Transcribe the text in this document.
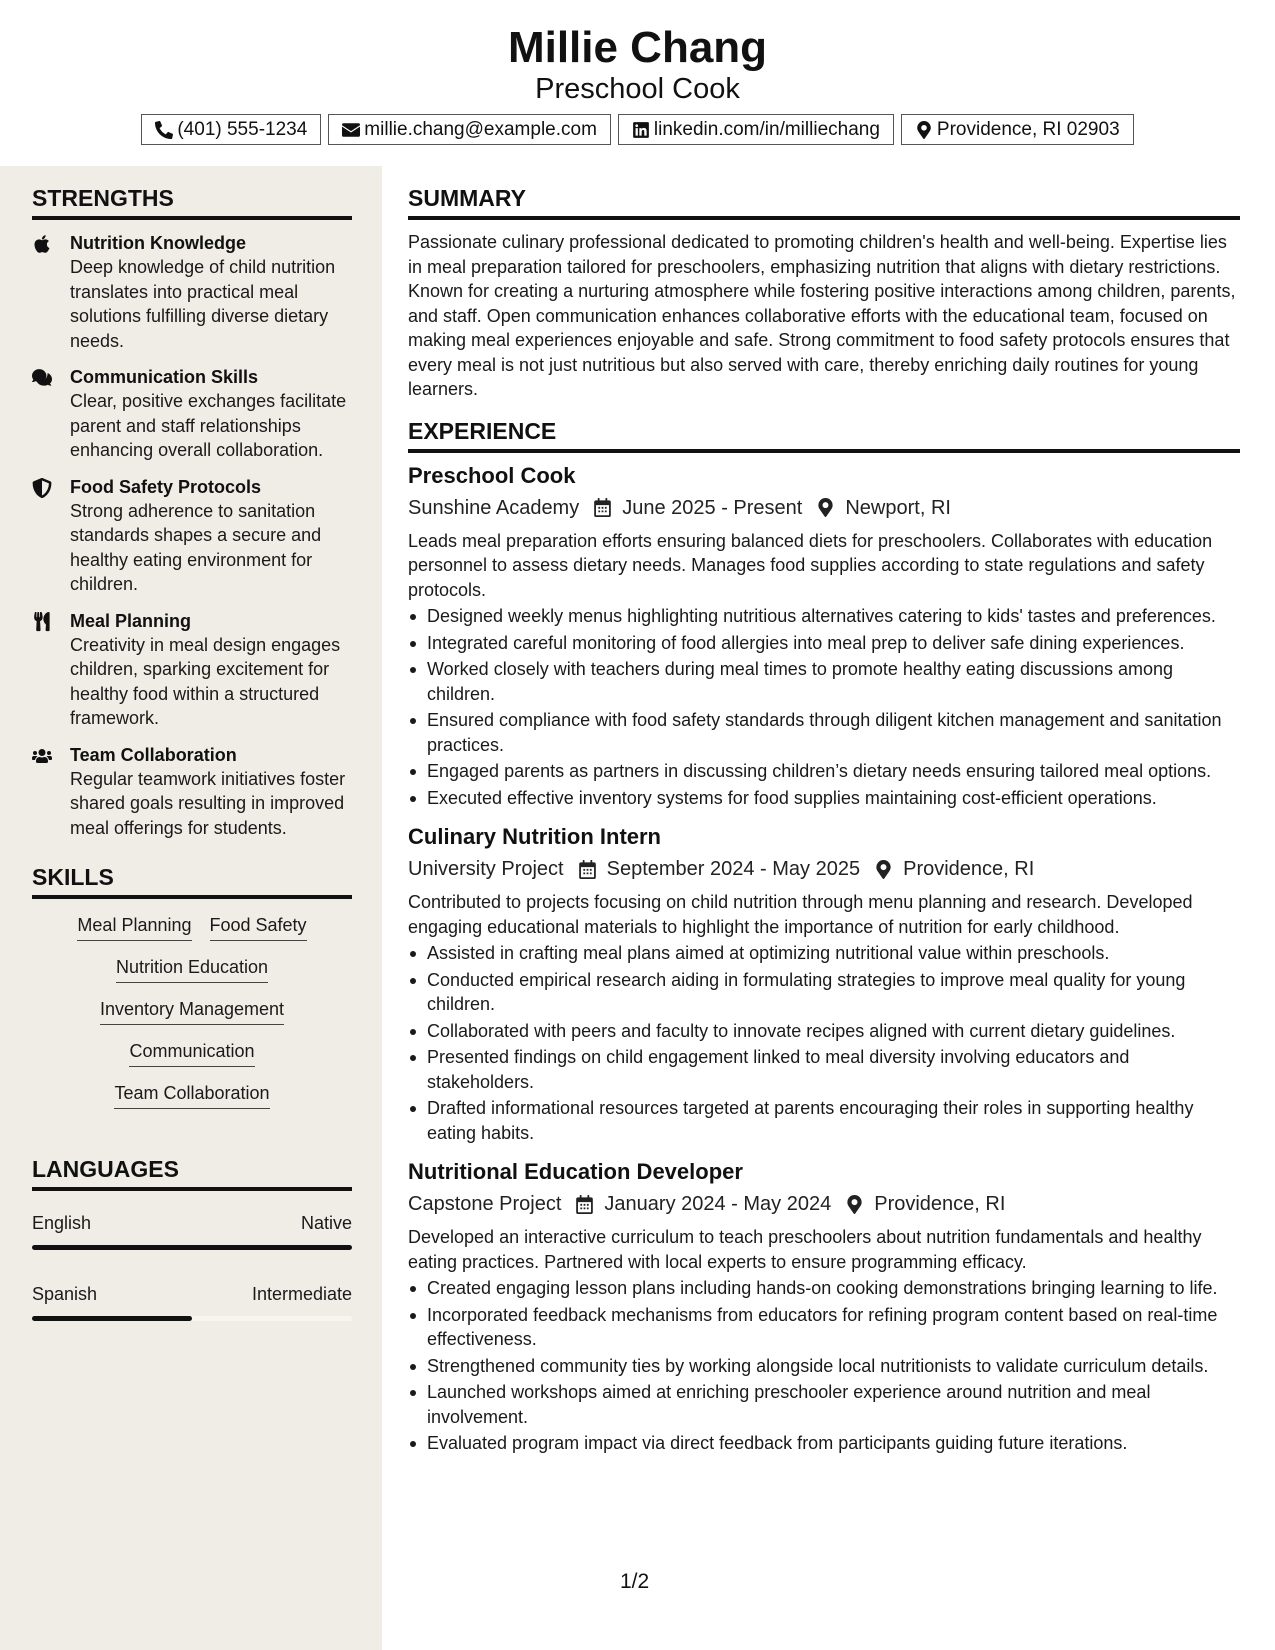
Millie Chang
Preschool Cook
(401) 555-1234	millie.chang@example.com	linkedin.com/in/milliechang	Providence, RI 02903
STRENGTHS
Nutrition Knowledge
Deep knowledge of child nutrition translates into practical meal solutions fulfilling diverse dietary needs.
Communication Skills
Clear, positive exchanges facilitate parent and staff relationships enhancing overall collaboration.
Food Safety Protocols
Strong adherence to sanitation standards shapes a secure and healthy eating environment for children.
Meal Planning
Creativity in meal design engages children, sparking excitement for healthy food within a structured framework.
Team Collaboration
Regular teamwork initiatives foster shared goals resulting in improved meal offerings for students.
SKILLS
Meal Planning Food Safety
Nutrition Education
Inventory Management
Communication
Team Collaboration
LANGUAGES
English	Native
Spanish	Intermediate
SUMMARY
Passionate culinary professional dedicated to promoting children's health and well-being. Expertise lies in meal preparation tailored for preschoolers, emphasizing nutrition that aligns with dietary restrictions. Known for creating a nurturing atmosphere while fostering positive interactions among children, parents, and staff. Open communication enhances collaborative efforts with the educational team, focused on making meal experiences enjoyable and safe. Strong commitment to food safety protocols ensures that every meal is not just nutritious but also served with care, thereby enriching daily routines for young learners.
EXPERIENCE
Preschool Cook
Sunshine Academy June 2025 - Present Newport, RI
Leads meal preparation efforts ensuring balanced diets for preschoolers. Collaborates with education personnel to assess dietary needs. Manages food supplies according to state regulations and safety protocols.
Designed weekly menus highlighting nutritious alternatives catering to kids' tastes and preferences.
Integrated careful monitoring of food allergies into meal prep to deliver safe dining experiences.
Worked closely with teachers during meal times to promote healthy eating discussions among children.
Ensured compliance with food safety standards through diligent kitchen management and sanitation practices.
Engaged parents as partners in discussing children’s dietary needs ensuring tailored meal options.
Executed effective inventory systems for food supplies maintaining cost-efficient operations.
Culinary Nutrition Intern
University Project September 2024 - May 2025 Providence, RI
Contributed to projects focusing on child nutrition through menu planning and research. Developed engaging educational materials to highlight the importance of nutrition for early childhood.
Assisted in crafting meal plans aimed at optimizing nutritional value within preschools.
Conducted empirical research aiding in formulating strategies to improve meal quality for young children.
Collaborated with peers and faculty to innovate recipes aligned with current dietary guidelines.
Presented findings on child engagement linked to meal diversity involving educators and stakeholders.
Drafted informational resources targeted at parents encouraging their roles in supporting healthy eating habits.
Nutritional Education Developer
Capstone Project January 2024 - May 2024 Providence, RI
Developed an interactive curriculum to teach preschoolers about nutrition fundamentals and healthy eating practices. Partnered with local experts to ensure programming efficacy.
Created engaging lesson plans including hands-on cooking demonstrations bringing learning to life.
Incorporated feedback mechanisms from educators for refining program content based on real-time effectiveness.
Strengthened community ties by working alongside local nutritionists to validate curriculum details.
Launched workshops aimed at enriching preschooler experience around nutrition and meal involvement.
Evaluated program impact via direct feedback from participants guiding future iterations.
1/2
